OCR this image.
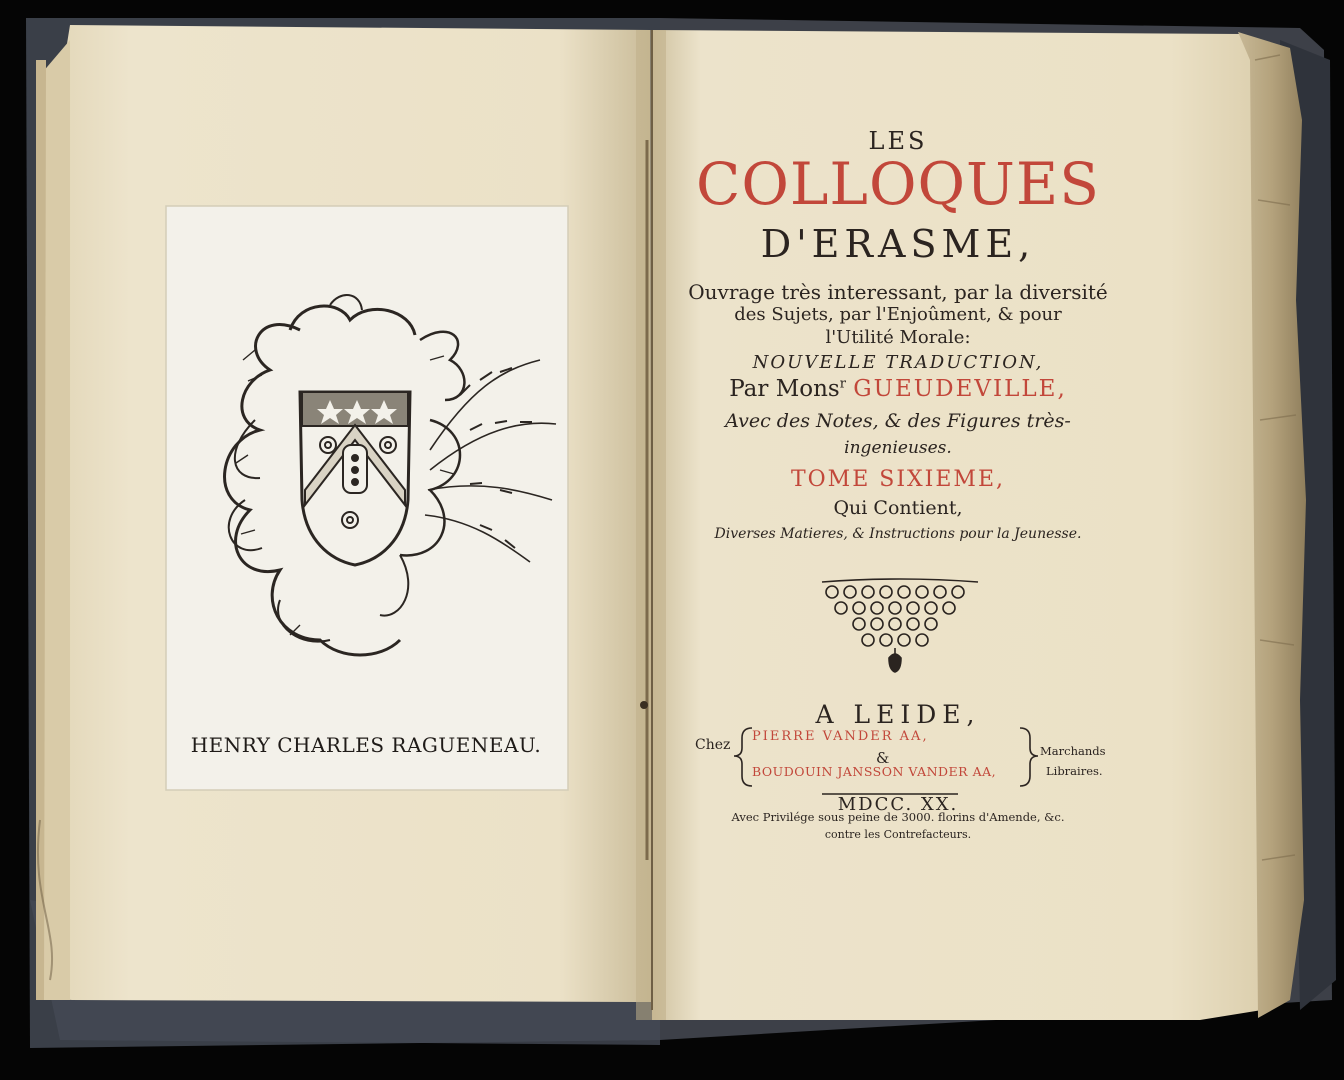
HENRY CHARLES RAGUENEAU.
LES
COLLOQUES
D'ERASME,
Ouvrage très interessant, par la diversité
des Sujets, par l'Enjoûment, & pour
l'Utilité Morale:
NOUVELLE TRADUCTION,
Par Mons$^r$ GUEUDEVILLE,
Avec des Notes, & des Figures très-
ingenieuses.
TOME SIXIEME,
Qui Contient,
Diverses Matieres, & Instructions pour la Jeunesse.
A LEIDE,
Chez
PIERRE VANDER AA,
&
BOUDOUIN JANSSON VANDER AA,
Marchands
Libraires.
MDCC. XX.
Avec Privilége sous peine de 3000. florins d'Amende, &c.
contre les Contrefacteurs.
